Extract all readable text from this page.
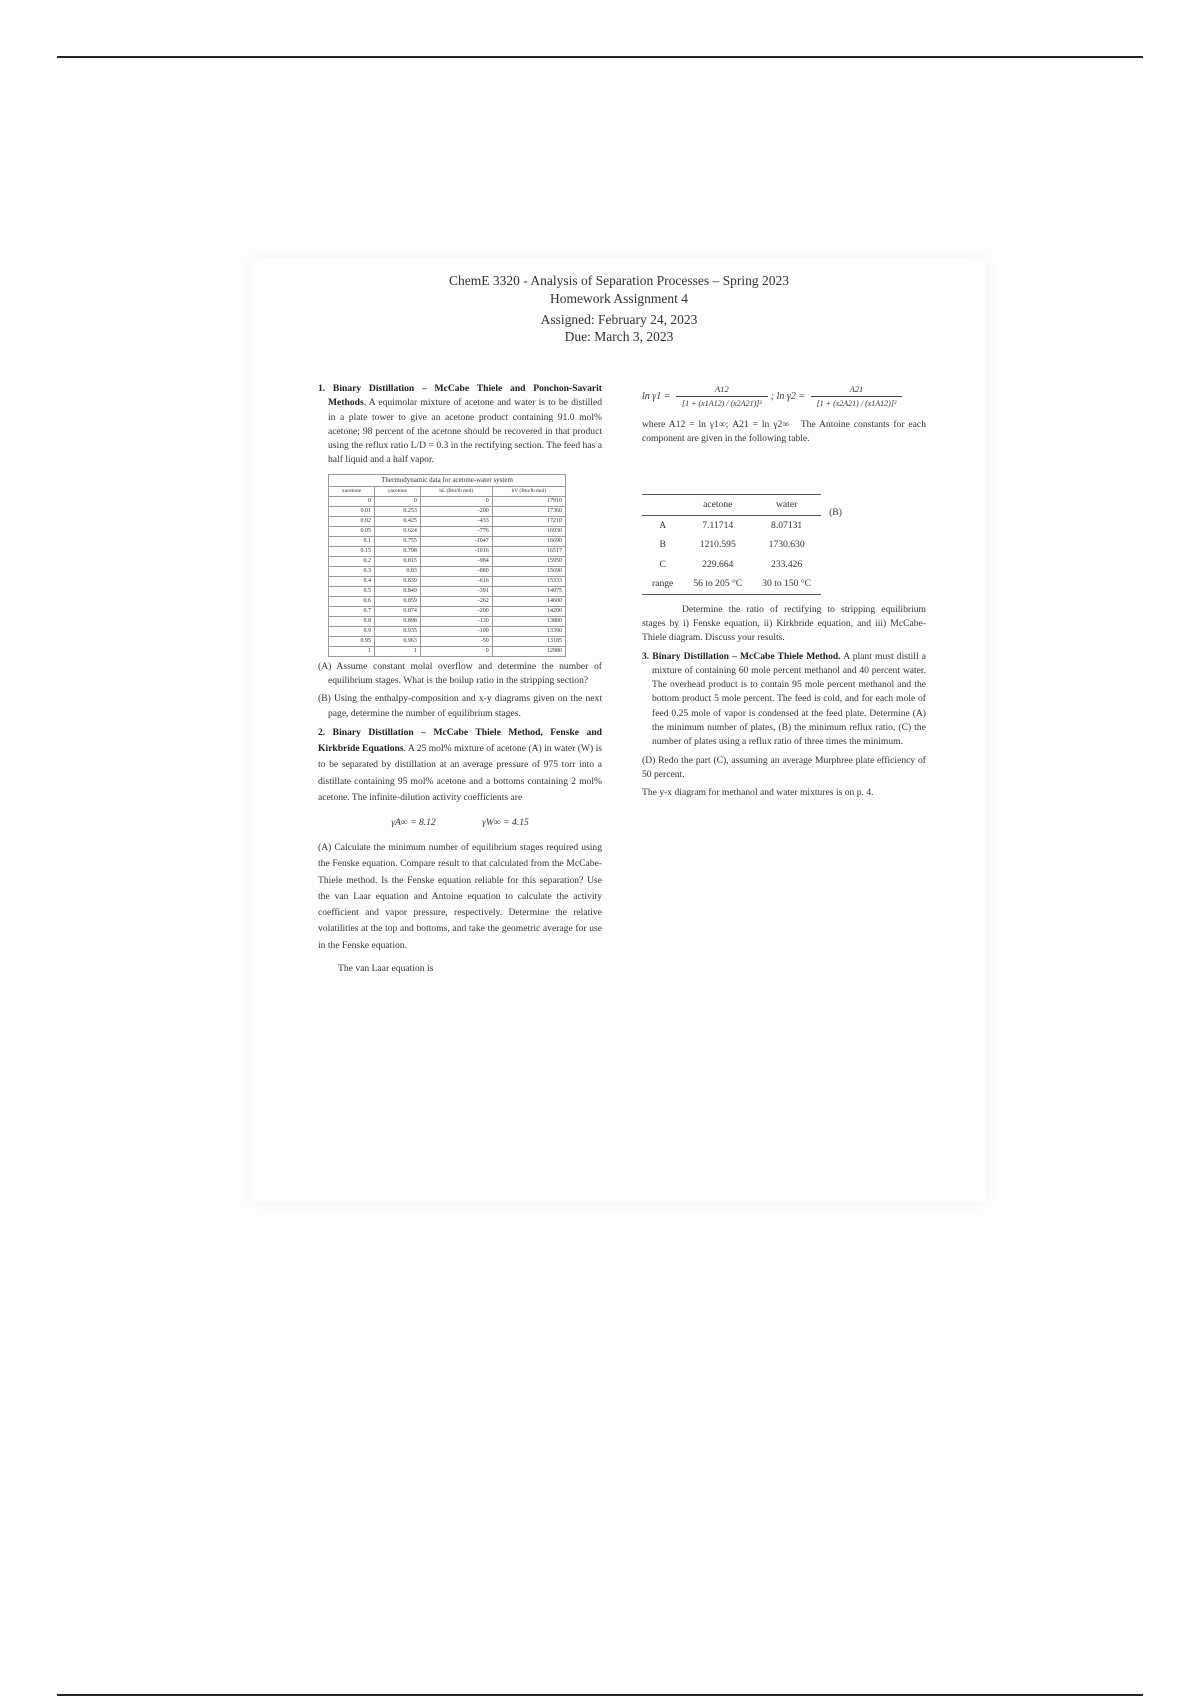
ChemE 3320 - Analysis of Separation Processes – Spring 2023
Homework Assignment 4
Assigned: February 24, 2023
Due: March 3, 2023

1. Binary Distillation – McCabe Thiele and Ponchon-Savarit Methods. A equimolar mixture of acetone and water is to be distilled in a plate tower to give an acetone product containing 91.0 mol% acetone; 98 percent of the acetone should be recovered in that product using the reflux ratio L/D = 0.3 in the rectifying section. The feed has a half liquid and a half vapor.

Thermodynamic data for acetone-water system
xacetone	yacetone	hL (Btu/lb mol)	hV (Btu/lb mol)
0	0	0	17910
0.01	0.253	-200	17360
0.02	0.425	-433	17210
0.05	0.624	-776	16930
0.1	0.755	-1047	16690
0.15	0.798	-1016	16517
0.2	0.815	-984	15950
0.3	0.83	-880	15690
0.4	0.839	-616	15333
0.5	0.849	-391	14975
0.6	0.859	-262	14600
0.7	0.874	-200	14200
0.8	0.898	-130	13800
0.9	0.935	-100	13390
0.95	0.963	-50	13185
1	1	0	12980

(A) Assume constant molal overflow and determine the number of equilibrium stages. What is the boilup ratio in the stripping section?

(B) Using the enthalpy-composition and x-y diagrams given on the next page, determine the number of equilibrium stages.

2. Binary Distillation – McCabe Thiele Method, Fenske and Kirkbride Equations. A 25 mol% mixture of acetone (A) in water (W) is to be separated by distillation at an average pressure of 975 torr into a distillate containing 95 mol% acetone and a bottoms containing 2 mol% acetone. The infinite-dilution activity coefficients are

γA∞ = 8.12	γW∞ = 4.15

(A) Calculate the minimum number of equilibrium stages required using the Fenske equation. Compare result to that calculated from the McCabe-Thiele method. Is the Fenske equation reliable for this separation? Use the van Laar equation and Antoine equation to calculate the activity coefficient and vapor pressure, respectively. Determine the relative volatilities at the top and bottoms, and take the geometric average for use in the Fenske equation.

The van Laar equation is

$\ln \gamma 1 = \frac{A12}{\text{[1 + (x1A12) / (x2A21)]²}}$ ; $\ln \gamma 2 = \frac{A21}{\text{[1 + (x2A21) / (x1A12)]²}}$

where A12 = ln γ1∞; A21 = ln γ2∞ The Antoine constants for each component are given in the following table.

	acetone	water
A	7.11714	8.07131
B	1210.595	1730.630
C	229.664	233.426
range	56 to 205 °C	30 to 150 °C(B)

Determine the ratio of rectifying to stripping equilibrium stages by i) Fenske equation, ii) Kirkbride equation, and iii) McCabe-Thiele diagram. Discuss your results.

3. Binary Distillation – McCabe Thiele Method. A plant must distill a mixture of containing 60 mole percent methanol and 40 percent water. The overhead product is to contain 95 mole percent methanol and the bottom product 5 mole percent. The feed is cold, and for each mole of feed 0.25 mole of vapor is condensed at the feed plate. Determine (A) the minimum number of plates, (B) the minimum reflux ratio, (C) the number of plates using a reflux ratio of three times the minimum.

(D) Redo the part (C), assuming an average Murphree plate efficiency of 50 percent.

The y-x diagram for methanol and water mixtures is on p. 4.
